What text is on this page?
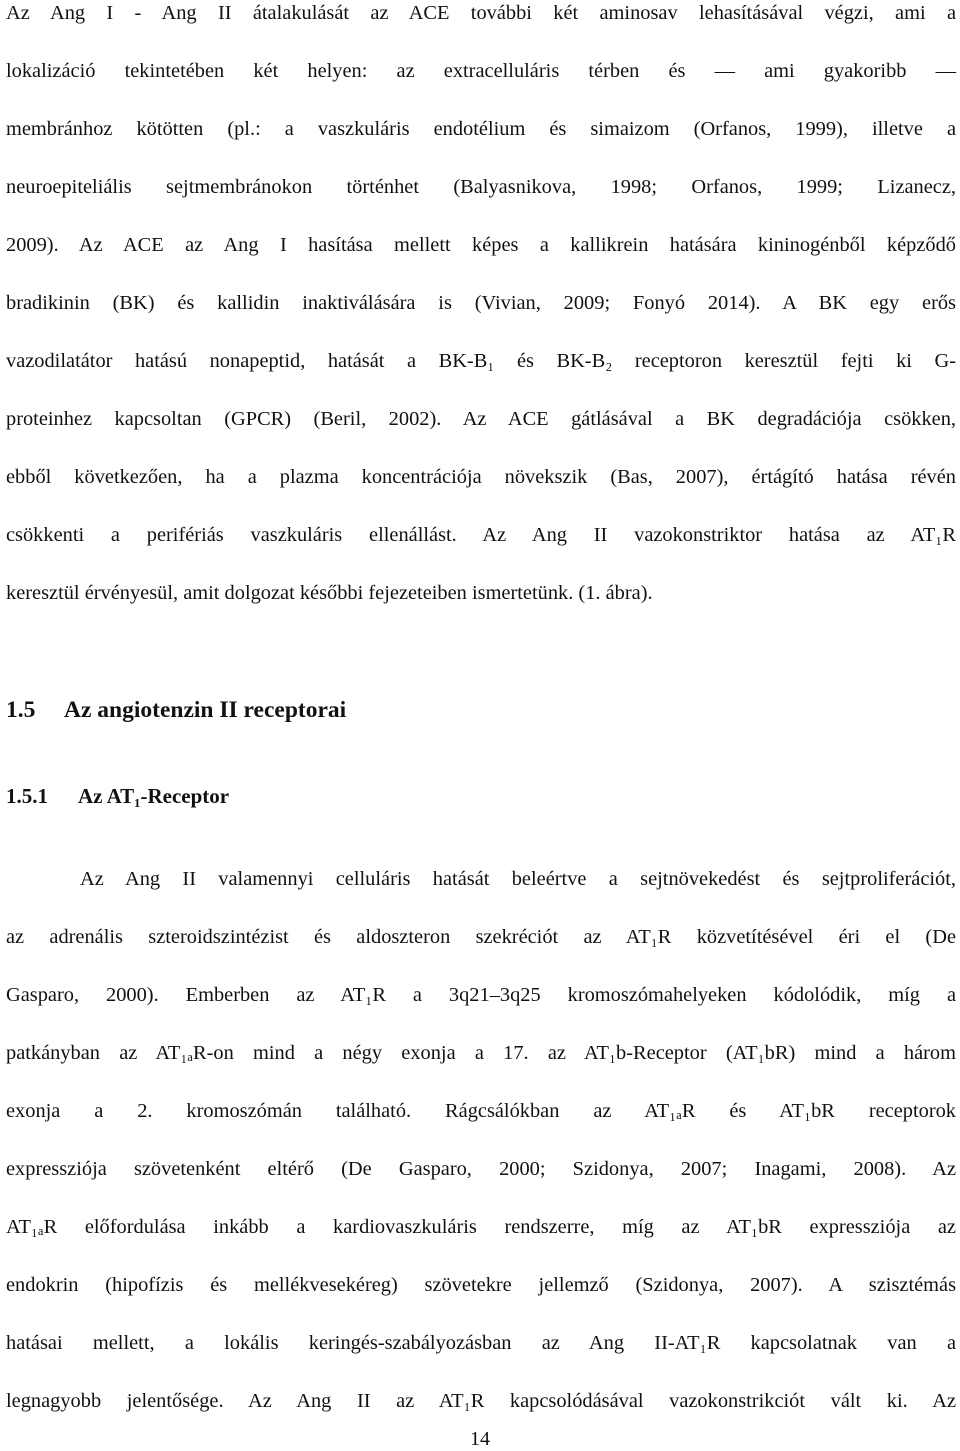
Az Ang I - Ang II átalakulását az ACE további két aminosav lehasításával végzi, ami a
lokalizáció tekintetében két helyen: az extracelluláris térben és — ami gyakoribb —
membránhoz kötötten (pl.: a vaszkuláris endotélium és simaizom (Orfanos, 1999), illetve a
neuroepiteliális sejtmembránokon történhet (Balyasnikova, 1998; Orfanos, 1999; Lizanecz,
2009). Az ACE az Ang I hasítása mellett képes a kallikrein hatására kininogénből képződő
bradikinin (BK) és kallidin inaktiválására is (Vivian, 2009; Fonyó 2014). A BK egy erős
vazodilatátor hatású nonapeptid, hatását a BK-B₁ és BK-B₂ receptoron keresztül fejti ki G-
proteinhez kapcsoltan (GPCR) (Beril, 2002). Az ACE gátlásával a BK degradációja csökken,
ebből következően, ha a plazma koncentrációja növekszik (Bas, 2007), értágító hatása révén
csökkenti a perifériás vaszkuláris ellenállást. Az Ang II vazokonstriktor hatása az AT₁R
keresztül érvényesül, amit dolgozat későbbi fejezeteiben ismertetünk. (1. ábra).
1.5 Az angiotenzin II receptorai
1.5.1 Az AT₁-Receptor
Az Ang II valamennyi celluláris hatását beleértve a sejtnövekedést és sejtproliferációt,
az adrenális szteroidszintézist és aldoszteron szekréciót az AT₁R közvetítésével éri el (De
Gasparo, 2000). Emberben az AT₁R a 3q21–3q25 kromoszómahelyeken kódolódik, míg a
patkányban az AT₁ₐR-on mind a négy exonja a 17. az AT₁b-Receptor (AT₁bR) mind a három
exonja a 2. kromoszómán található. Rágcsálókban az AT₁ₐR és AT₁bR receptorok
expressziója szövetenként eltérő (De Gasparo, 2000; Szidonya, 2007; Inagami, 2008). Az
AT₁ₐR előfordulása inkább a kardiovaszkuláris rendszerre, míg az AT₁bR expressziója az
endokrin (hipofízis és mellékvesekéreg) szövetekre jellemző (Szidonya, 2007). A szisztémás
hatásai mellett, a lokális keringés-szabályozásban az Ang II-AT₁R kapcsolatnak van a
legnagyobb jelentősége. Az Ang II az AT₁R kapcsolódásával vazokonstrikciót vált ki. Az
14
